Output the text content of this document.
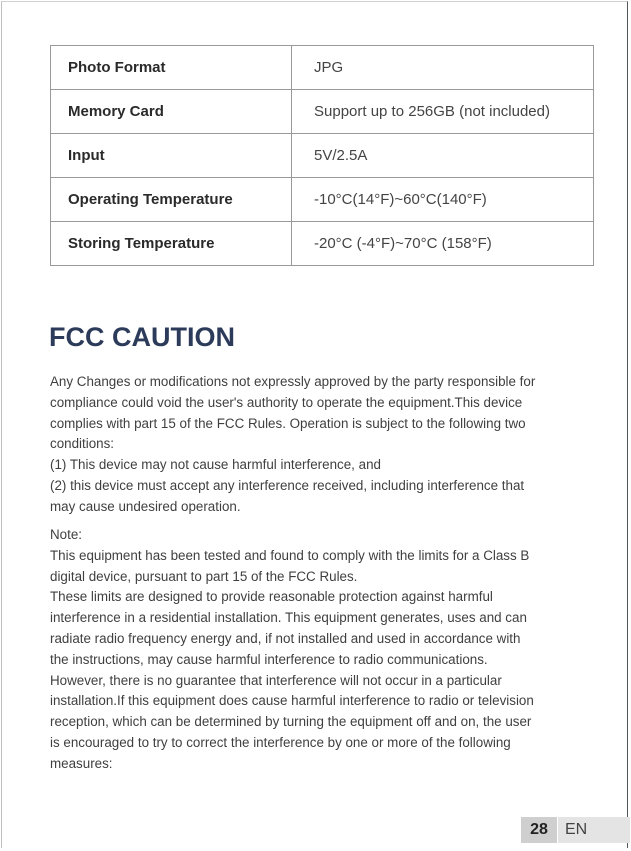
Photo Format	JPG
Memory Card	Support up to 256GB (not included)
Input	5V/2.5A
Operating Temperature	-10°C(14°F)~60°C(140°F)
Storing Temperature	-20°C (-4°F)~70°C (158°F)
FCC CAUTION

Any Changes or modifications not expressly approved by the party responsible for

compliance could void the user's authority to operate the equipment.This device

complies with part 15 of the FCC Rules. Operation is subject to the following two

conditions:

(1) This device may not cause harmful interference, and

(2) this device must accept any interference received, including interference that

may cause undesired operation.

Note:

This equipment has been tested and found to comply with the limits for a Class B

digital device, pursuant to part 15 of the FCC Rules.

These limits are designed to provide reasonable protection against harmful

interference in a residential installation. This equipment generates, uses and can

radiate radio frequency energy and, if not installed and used in accordance with

the instructions, may cause harmful interference to radio communications.

However, there is no guarantee that interference will not occur in a particular

installation.If this equipment does cause harmful interference to radio or television

reception, which can be determined by turning the equipment off and on, the user

is encouraged to try to correct the interference by one or more of the following

measures:

28	EN
